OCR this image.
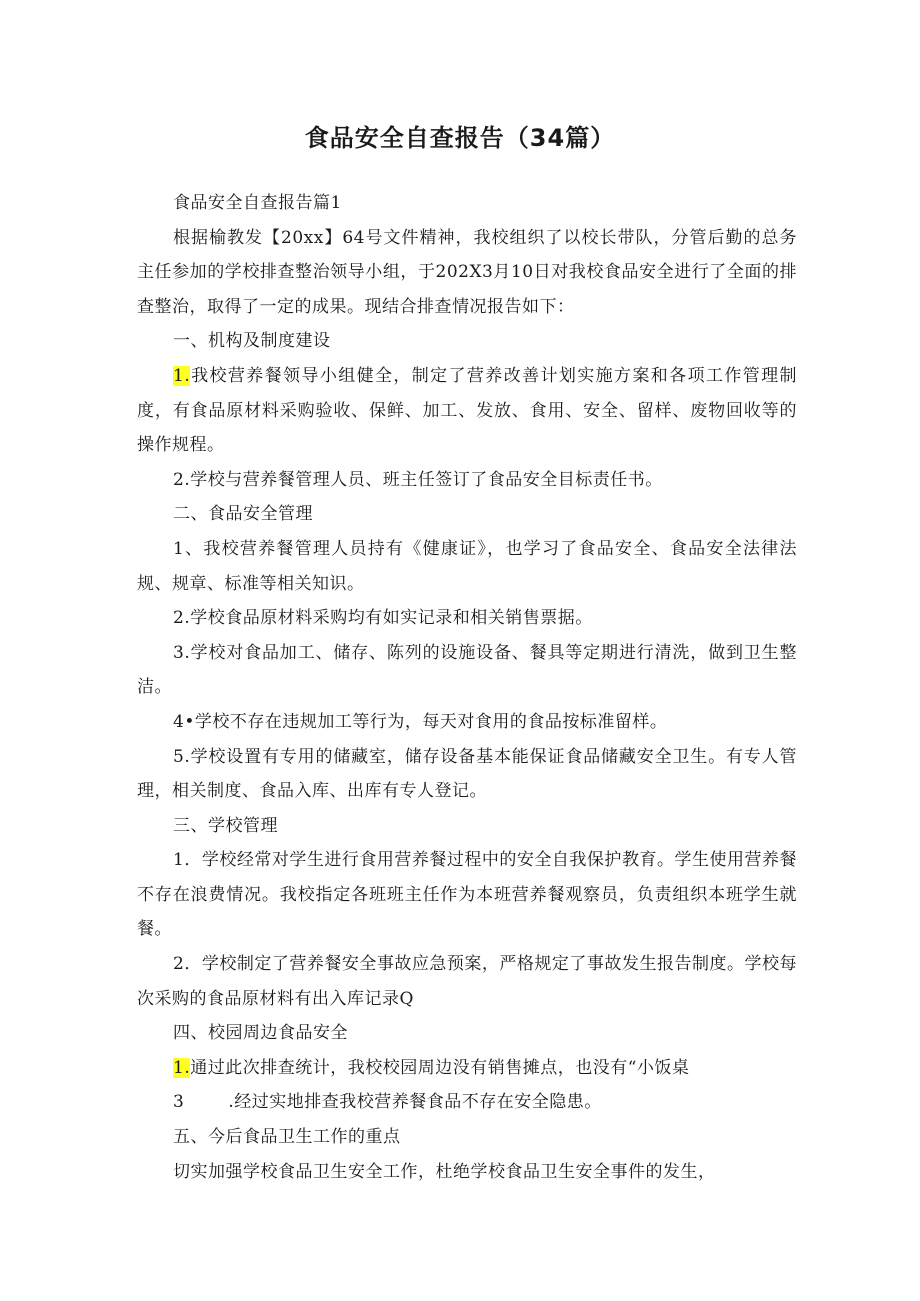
食品安全自查报告（34篇）

食品安全自查报告篇1

根据榆教发【20xx】64号文件精神，我校组织了以校长带队，分管后勤的总务主任参加的学校排查整治领导小组，于202X3月10日对我校食品安全进行了全面的排查整治，取得了一定的成果。现结合排查情况报告如下：

一、机构及制度建设

1.我校营养餐领导小组健全，制定了营养改善计划实施方案和各项工作管理制度，有食品原材料采购验收、保鲜、加工、发放、食用、安全、留样、废物回收等的操作规程。

2.学校与营养餐管理人员、班主任签订了食品安全目标责任书。

二、食品安全管理

1、我校营养餐管理人员持有《健康证》，也学习了食品安全、食品安全法律法规、规章、标准等相关知识。

2.学校食品原材料采购均有如实记录和相关销售票据。

3.学校对食品加工、储存、陈列的设施设备、餐具等定期进行清洗，做到卫生整洁。

4•学校不存在违规加工等行为，每天对食用的食品按标准留样。

5.学校设置有专用的储藏室，储存设备基本能保证食品储藏安全卫生。有专人管理，相关制度、食品入库、出库有专人登记。

三、学校管理

1．学校经常对学生进行食用营养餐过程中的安全自我保护教育。学生使用营养餐不存在浪费情况。我校指定各班班主任作为本班营养餐观察员，负责组织本班学生就餐。

2．学校制定了营养餐安全事故应急预案，严格规定了事故发生报告制度。学校每次采购的食品原材料有出入库记录Q

四、校园周边食品安全

1.通过此次排查统计，我校校园周边没有销售摊点，也没有“小饭桌

3	.经过实地排查我校营养餐食品不存在安全隐患。

五、今后食品卫生工作的重点

切实加强学校食品卫生安全工作，杜绝学校食品卫生安全事件的发生，
